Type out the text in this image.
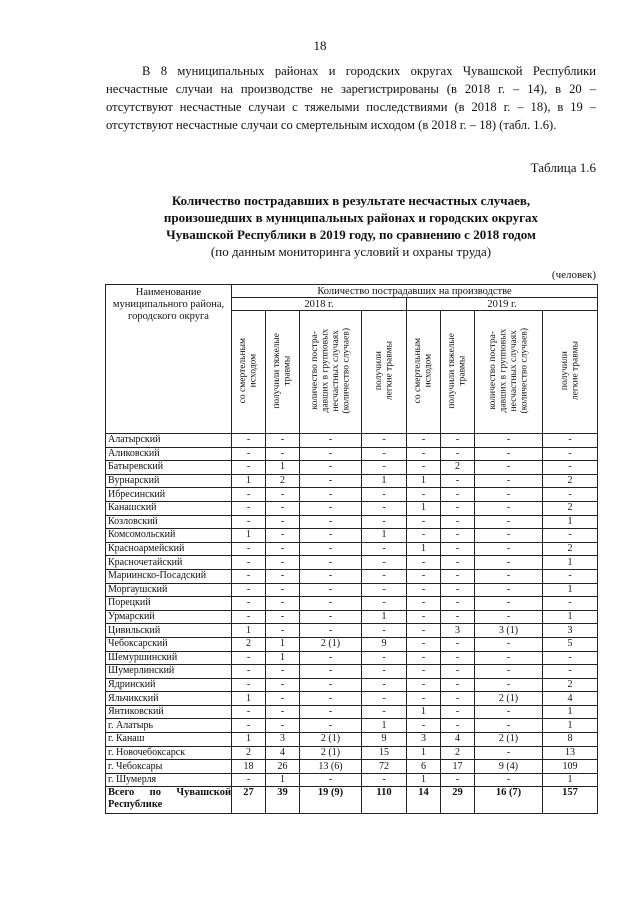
18

В 8 муниципальных районах и городских округах Чувашской Республики несчастные случаи на производстве не зарегистрированы (в 2018 г. – 14), в 20 – отсутствуют несчастные случаи с тяжелыми последствиями (в 2018 г. – 18), в 19 – отсутствуют несчастные случаи со смертельным исходом (в 2018 г. – 18) (табл. 1.6).

Таблица 1.6
Количество пострадавших в результате несчастных случаев,
произошедших в муниципальных районах и городских округах
Чувашской Республики в 2019 году, по сравнению с 2018 годом
(по данным мониторинга условий и охраны труда)
(человек)
Наименование муниципального района, городского округа	Количество пострадавших на производстве							
	2018 г.				2019 г.			
	со смертельным
исходом	получили тяжелые
травмы	количество постра-
давших в групповых
несчастных случаях
(количество случаев)	получили
легкие травмы	со смертельным
исходом	получили тяжелые
травмы	количество постра-
давших в групповых
несчастных случаях
(количество случаев)	получили
легкие травмы
Алатырский	-	-	-	-	-	-	-	-
Аликовский	-	-	-	-	-	-	-	-
Батыревский	-	1	-	-	-	2	-	-
Вурнарский	1	2	-	1	1	-	-	2
Ибресинский	-	-	-	-	-	-	-	-
Канашский	-	-	-	-	1	-	-	2
Козловский	-	-	-	-	-	-	-	1
Комсомольский	1	-	-	1	-	-	-	-
Красноармейский	-	-	-	-	1	-	-	2
Красночетайский	-	-	-	-	-	-	-	1
Мариинско-Посадский	-	-	-	-	-	-	-	-
Моргаушский	-	-	-	-	-	-	-	1
Порецкий	-	-	-	-	-	-	-	-
Урмарский	-	-	-	1	-	-	-	1
Цивильский	1	-	-	-	-	3	3 (1)	3
Чебоксарский	2	1	2 (1)	9	-	-	-	5
Шемуршинский	-	1	-	-	-	-	-	-
Шумерлинский	-	-	-	-	-	-	-	-
Ядринский	-	-	-	-	-	-	-	2
Яльчикский	1	-	-	-	-	-	2 (1)	4
Янтиковский	-	-	-	-	1	-	-	1
г. Алатырь	-	-	-	1	-	-	-	1
г. Канаш	1	3	2 (1)	9	3	4	2 (1)	8
г. Новочебоксарск	2	4	2 (1)	15	1	2	-	13
г. Чебоксары	18	26	13 (6)	72	6	17	9 (4)	109
г. Шумерля	-	1	-	-	1	-	-	1
Всего по Чувашской Республике	27	39	19 (9)	110	14	29	16 (7)	157
